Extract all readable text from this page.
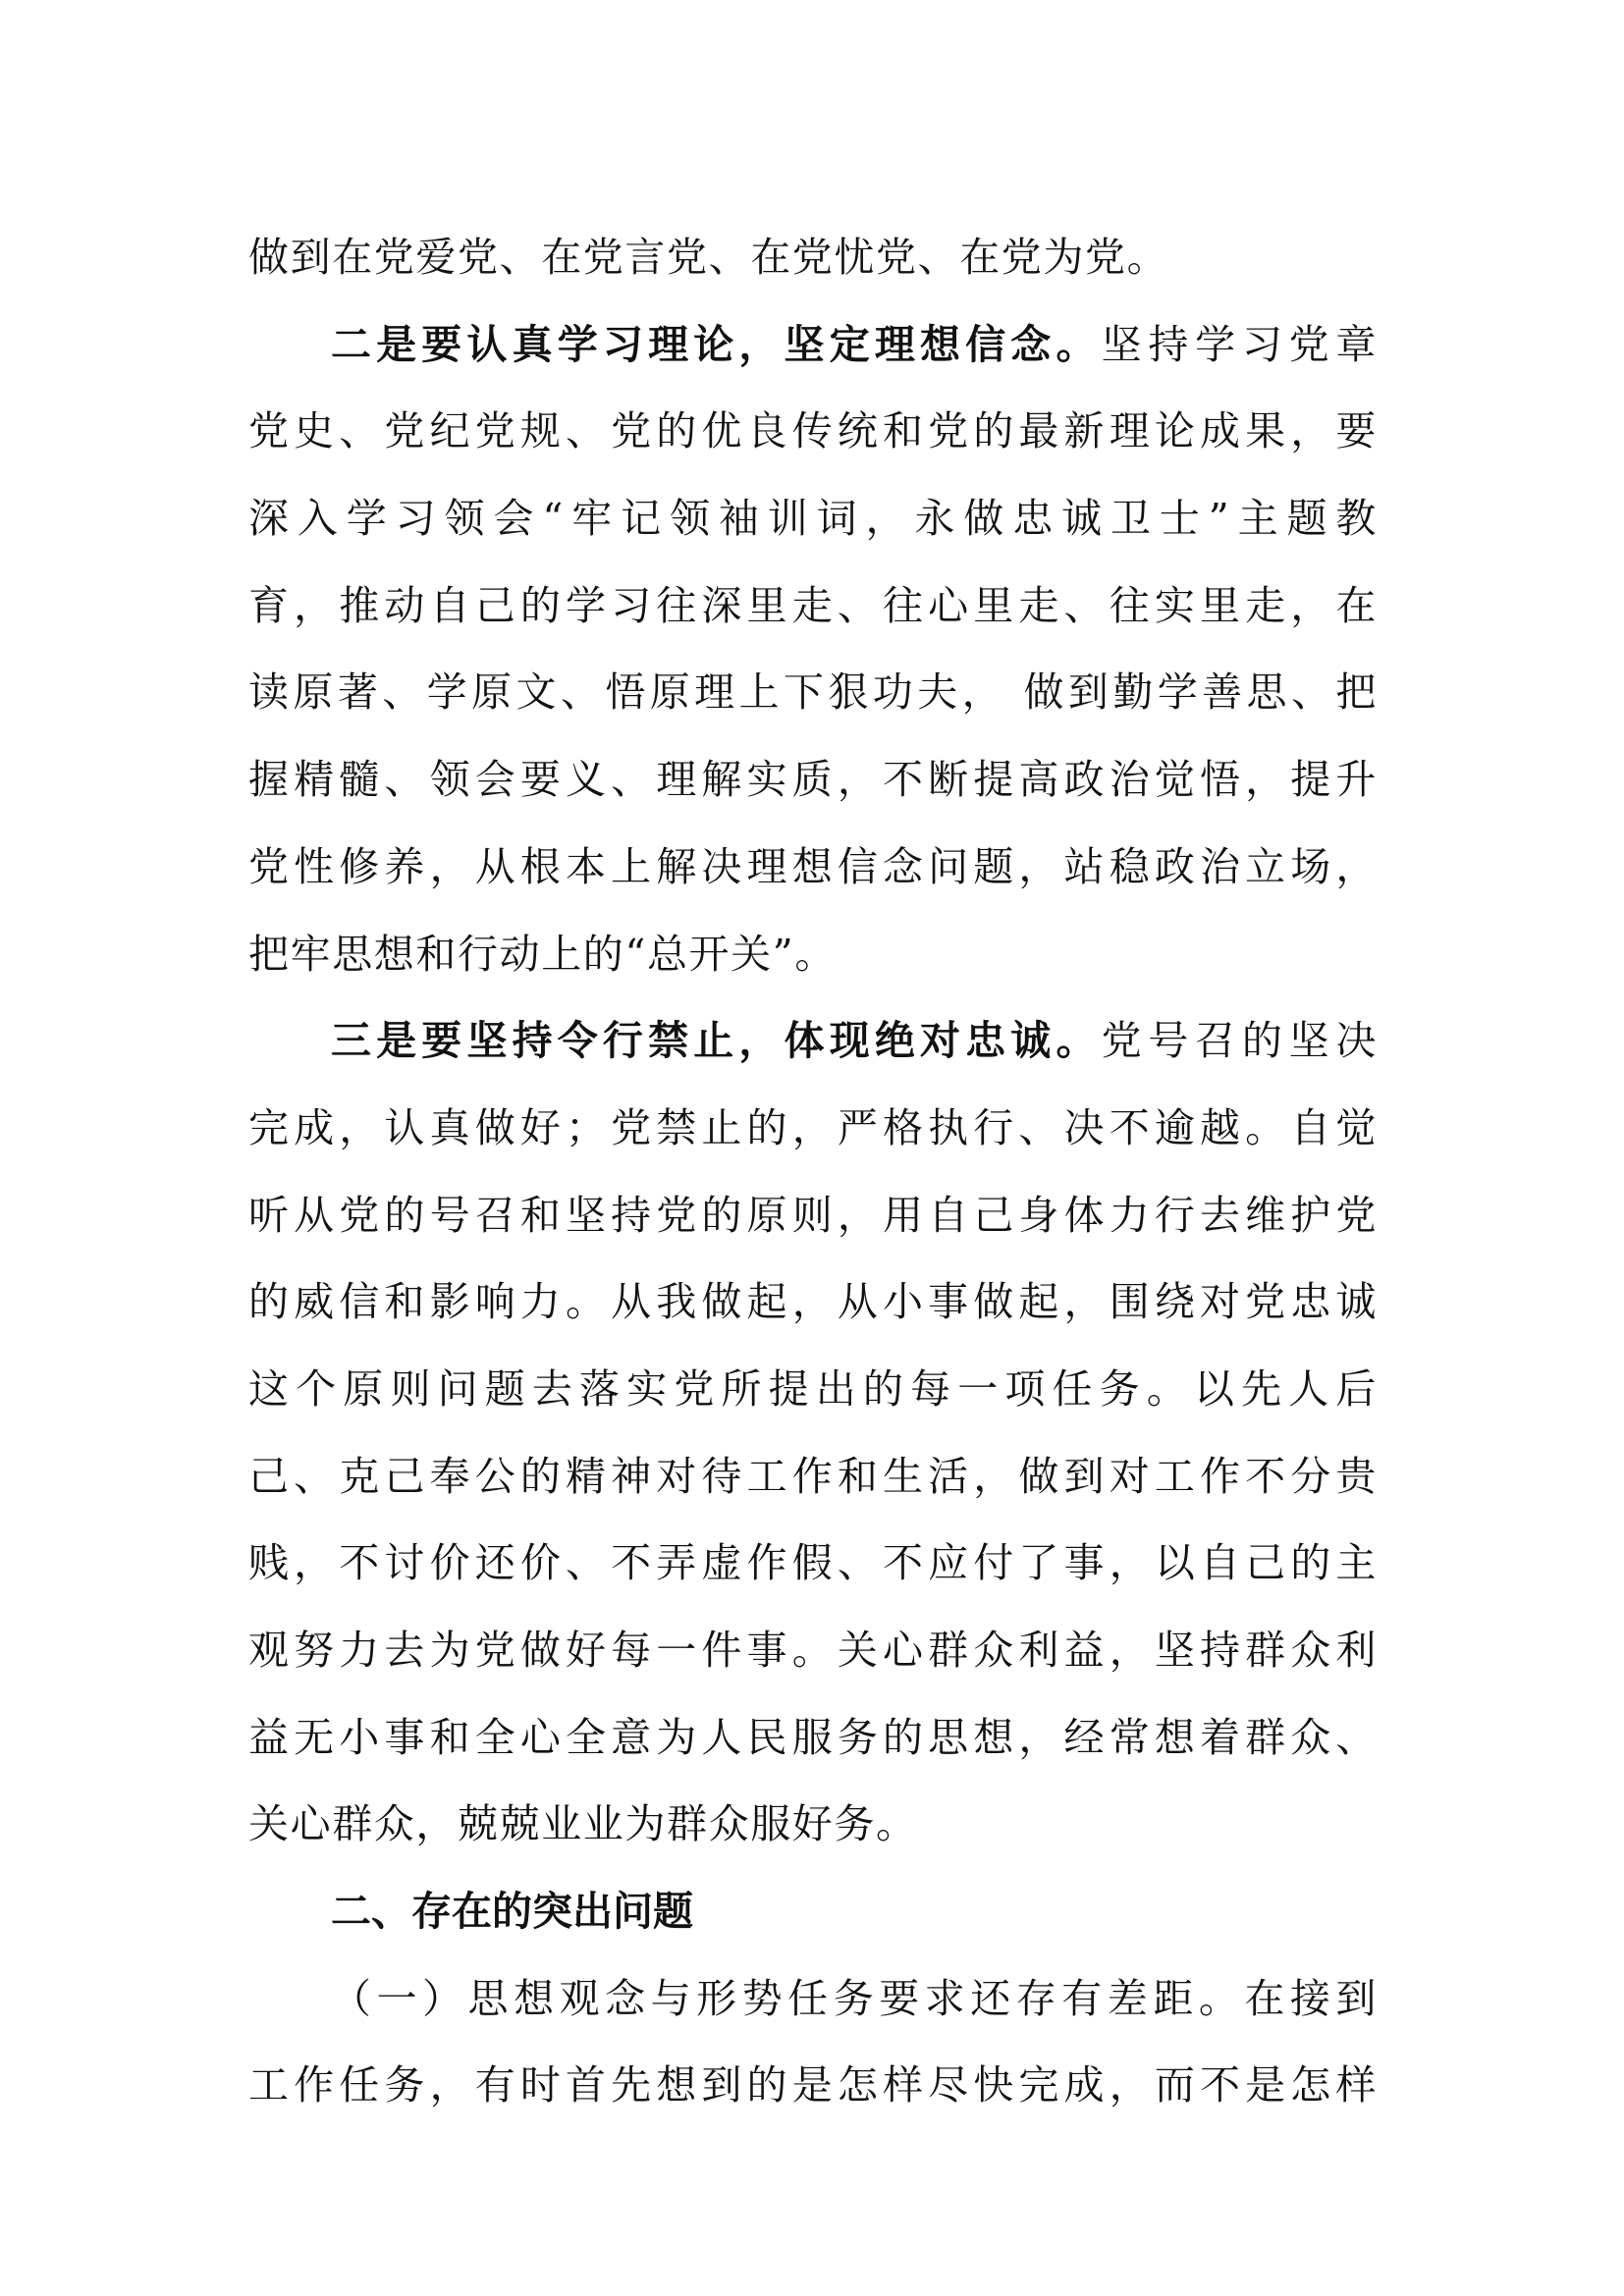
做到在党爱党、在党言党、在党忧党、在党为党。
二是要认真学习理论，坚定理想信念。坚持学习党章
党史、党纪党规、党的优良传统和党的最新理论成果，要
深入学习领会“牢记领袖训词，永做忠诚卫士”主题教
育，推动自己的学习往深里走、往心里走、往实里走，在
读原著、学原文、悟原理上下狠功夫， 做到勤学善思、把
握精髓、领会要义、理解实质，不断提高政治觉悟，提升
党性修养，从根本上解决理想信念问题，站稳政治立场，
把牢思想和行动上的“总开关”。
三是要坚持令行禁止，体现绝对忠诚。党号召的坚决
完成，认真做好；党禁止的，严格执行、决不逾越。自觉
听从党的号召和坚持党的原则，用自己身体力行去维护党
的威信和影响力。从我做起，从小事做起，围绕对党忠诚
这个原则问题去落实党所提出的每一项任务。以先人后
己、克己奉公的精神对待工作和生活，做到对工作不分贵
贱，不讨价还价、不弄虚作假、不应付了事，以自己的主
观努力去为党做好每一件事。关心群众利益，坚持群众利
益无小事和全心全意为人民服务的思想，经常想着群众、
关心群众，兢兢业业为群众服好务。
二、存在的突出问题
（一）思想观念与形势任务要求还存有差距。在接到
工作任务，有时首先想到的是怎样尽快完成，而不是怎样
